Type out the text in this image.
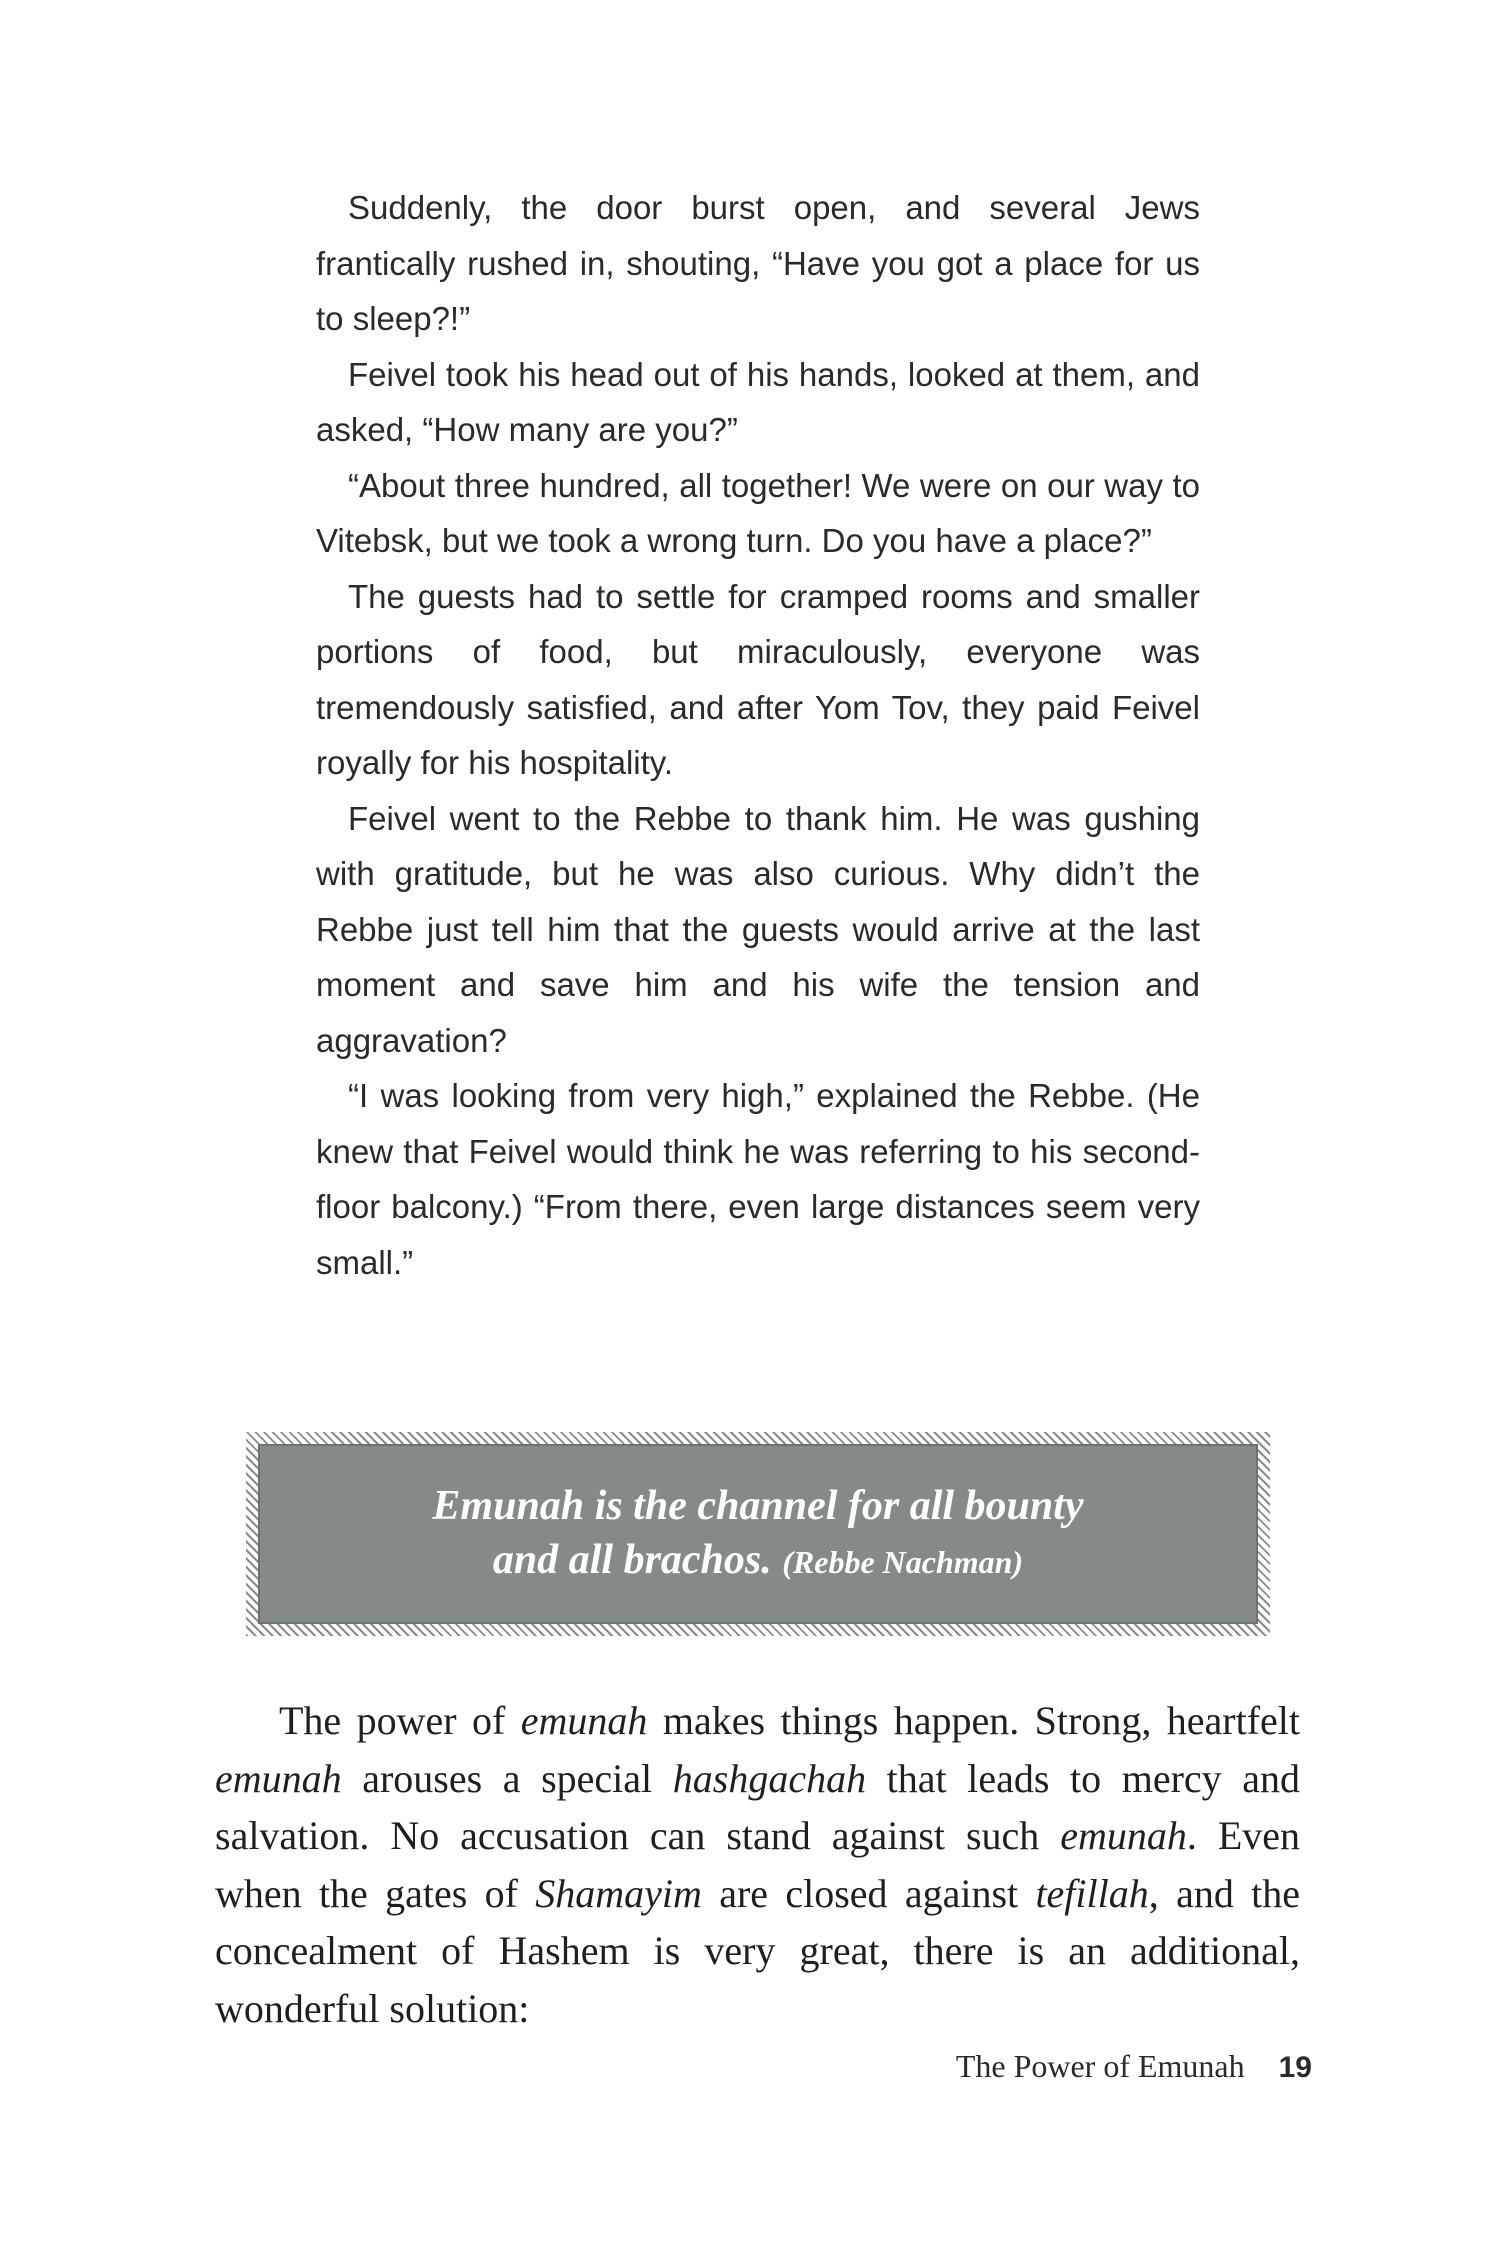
Suddenly, the door burst open, and several Jews frantically rushed in, shouting, “Have you got a place for us to sleep?!”

Feivel took his head out of his hands, looked at them, and asked, “How many are you?”

“About three hundred, all together! We were on our way to Vitebsk, but we took a wrong turn. Do you have a place?”

The guests had to settle for cramped rooms and smaller portions of food, but miraculously, everyone was tremendously satisfied, and after Yom Tov, they paid Feivel royally for his hospitality.

Feivel went to the Rebbe to thank him. He was gushing with gratitude, but he was also curious. Why didn’t the Rebbe just tell him that the guests would arrive at the last moment and save him and his wife the tension and aggravation?

“I was looking from very high,” explained the Rebbe. (He knew that Feivel would think he was referring to his second-floor balcony.) “From there, even large distances seem very small.”

Emunah is the channel for all bounty
and all brachos. (Rebbe Nachman)

The power of emunah makes things happen. Strong, heartfelt emunah arouses a special hashgachah that leads to mercy and salvation. No accusation can stand against such emunah. Even when the gates of Shamayim are closed against tefillah, and the concealment of Hashem is very great, there is an additional, wonderful solution:

The Power of Emunah 19
